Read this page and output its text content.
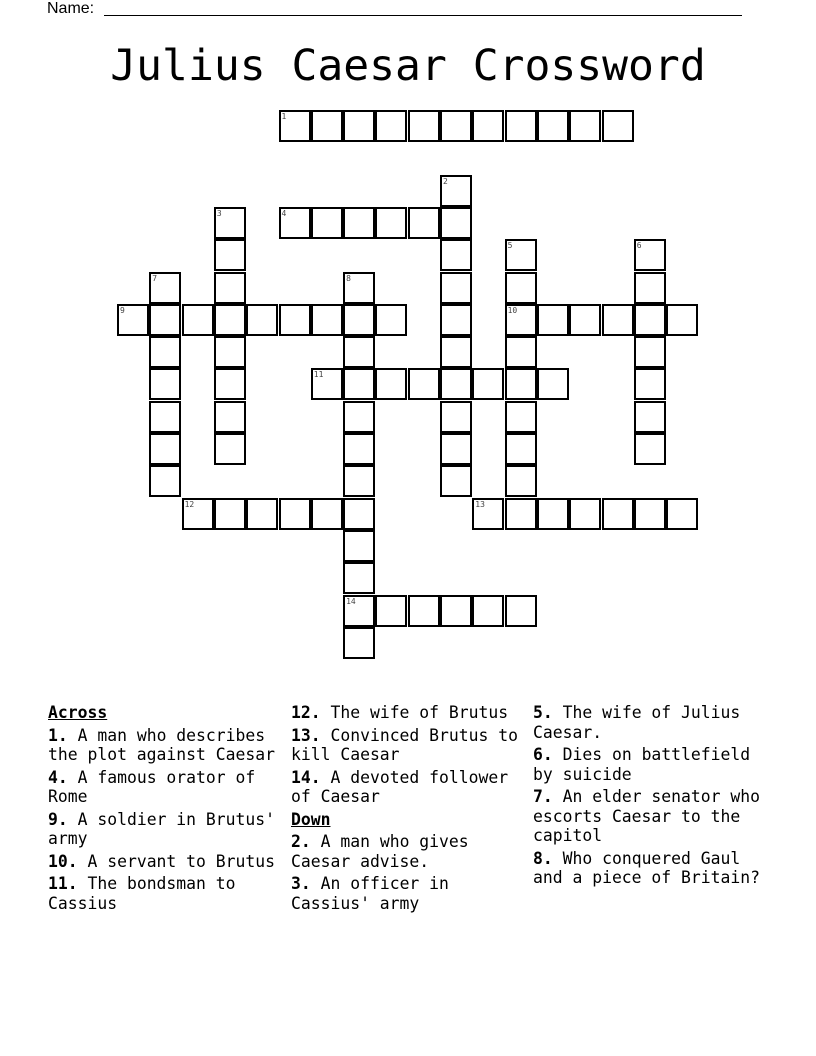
Name:
Julius Caesar Crossword
1
2
3	4
5
10
6
7	8
14
9
11
12	13
Across
1. A man who describes the plot against Caesar
4. A famous orator of Rome
9. A soldier in Brutus' army
10. A servant to Brutus
11. The bondsman to Cassius
12. The wife of Brutus
13. Convinced Brutus to kill Caesar
14. A devoted follower of Caesar
Down
2. A man who gives Caesar advise.
3. An officer in Cassius' army
5. The wife of Julius Caesar.
6. Dies on battlefield by suicide
7. An elder senator who escorts Caesar to the capitol
8. Who conquered Gaul and a piece of Britain?
